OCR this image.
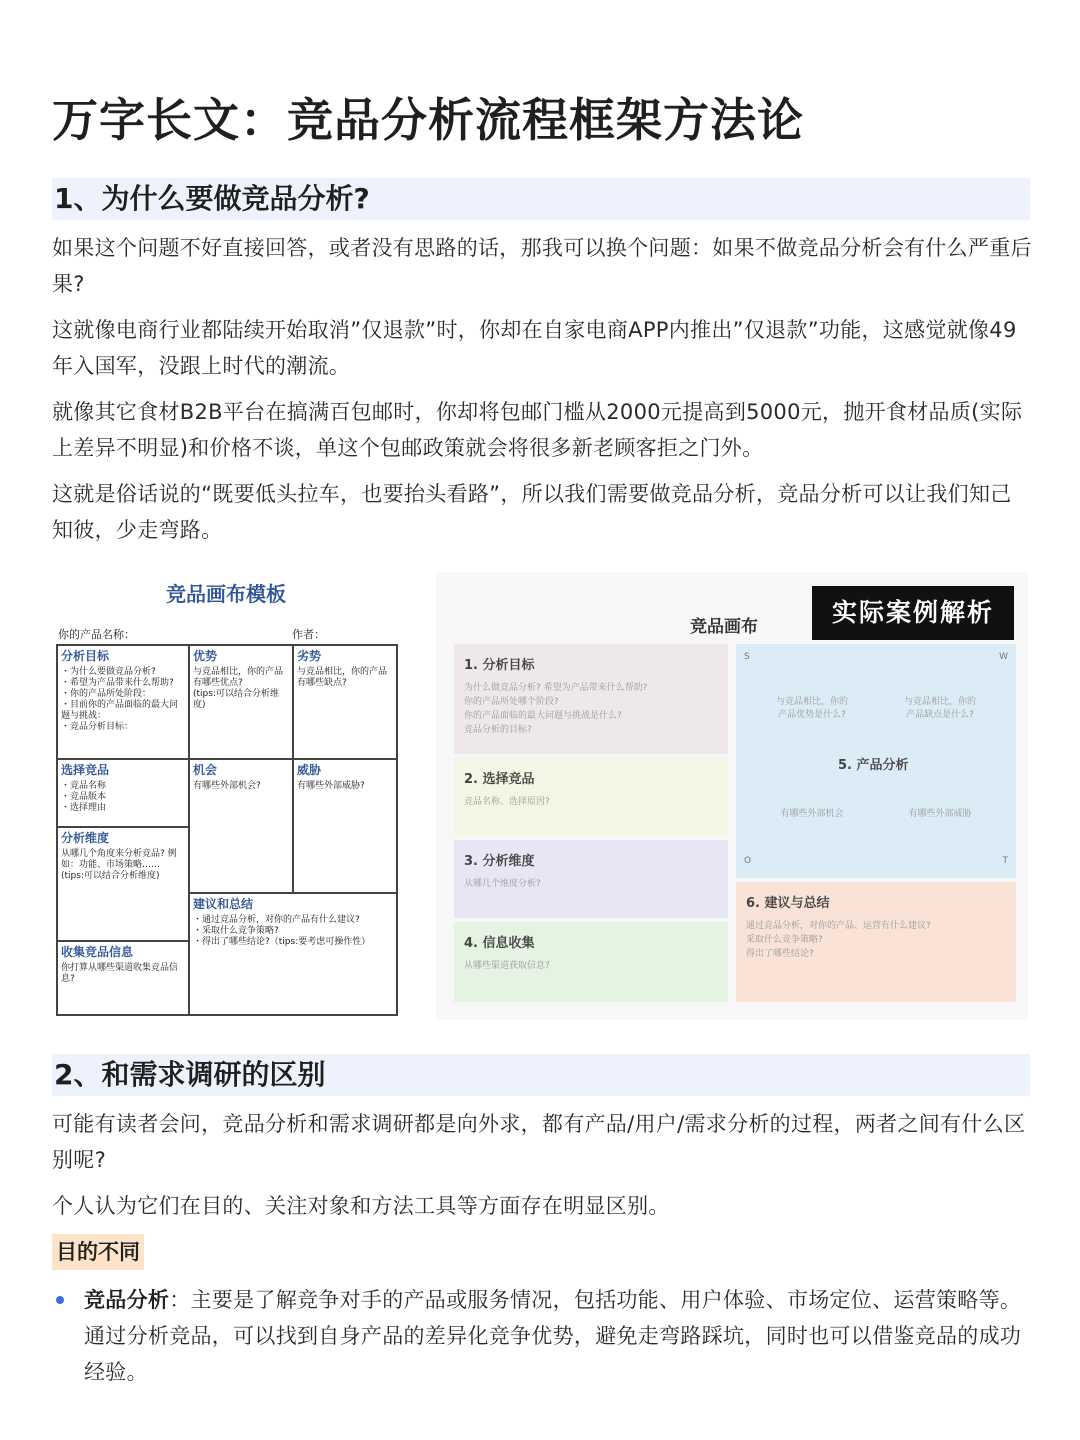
万字长文：竞品分析流程框架方法论
1、为什么要做竞品分析?

如果这个问题不好直接回答，或者没有思路的话，那我可以换个问题：如果不做竞品分析会有什么严重后果?

这就像电商行业都陆续开始取消”仅退款”时，你却在自家电商APP内推出”仅退款”功能，这感觉就像49年入国军，没跟上时代的潮流。

就像其它食材B2B平台在搞满百包邮时，你却将包邮门槛从2000元提高到5000元，抛开食材品质(实际上差异不明显)和价格不谈，单这个包邮政策就会将很多新老顾客拒之门外。

这就是俗话说的“既要低头拉车，也要抬头看路”，所以我们需要做竞品分析，竞品分析可以让我们知己知彼，少走弯路。

竞品画布模板
你的产品名称：	作者：
分析目标
・为什么要做竞品分析?
・希望为产品带来什么帮助?
・你的产品所处阶段：
・目前你的产品面临的最大问题与挑战：
・竞品分析目标：
优势
与竞品相比，你的产品有哪些优点?
(tips:可以结合分析维度)
劣势
与竞品相比，你的产品有哪些缺点?
选择竞品
・竞品名称
・竞品版本
・选择理由
机会
有哪些外部机会?
威胁
有哪些外部威胁?
分析维度
从哪几个角度来分析竞品? 例如：功能、市场策略……
(tips:可以结合分析维度)
建议和总结
・通过竞品分析，对你的产品有什么建议?
・采取什么竞争策略?
・得出了哪些结论?（tips:要考虑可操作性）
收集竞品信息
你打算从哪些渠道收集竞品信息?
竞品画布	实际案例解析
1. 分析目标
为什么做竞品分析? 希望为产品带来什么帮助?
你的产品所处哪个阶段?
你的产品面临的最大问题与挑战是什么?
竞品分析的目标?
2. 选择竞品
竞品名称、选择原因?
3. 分析维度
从哪几个维度分析?
4. 信息收集
从哪些渠道获取信息?
S	W
O	T
与竞品相比，你的
产品优势是什么?
与竞品相比，你的
产品缺点是什么?
5. 产品分析
有哪些外部机会	有哪些外部威胁
6. 建议与总结
通过竞品分析，对你的产品、运营有什么建议?
采取什么竞争策略?
得出了哪些结论?
2、和需求调研的区别

可能有读者会问，竞品分析和需求调研都是向外求，都有产品/用户/需求分析的过程，两者之间有什么区别呢?

个人认为它们在目的、关注对象和方法工具等方面存在明显区别。

目的不同
竞品分析：主要是了解竞争对手的产品或服务情况，包括功能、用户体验、市场定位、运营策略等。通过分析竞品，可以找到自身产品的差异化竞争优势，避免走弯路踩坑，同时也可以借鉴竞品的成功经验。
